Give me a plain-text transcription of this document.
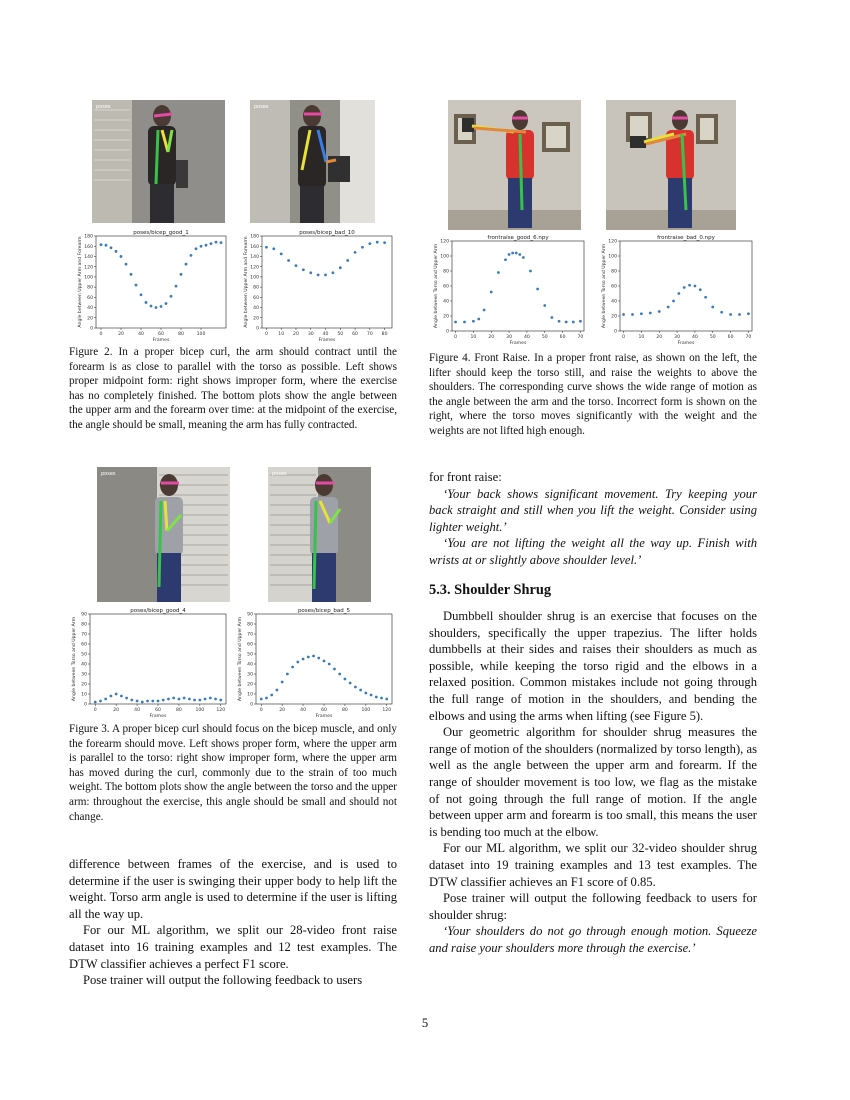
poses	poses
poses/bicep_good_1
0	20	40	60	80	100
0
20
40
60
80
100
120
140
160
180
Frames
Angle between Upper Arm and Forearm
poses/bicep_bad_10
0 10 20 30 40 50 60 70 80
0
20
40
60
80
100
120
140
160
180
Frames
Angle between Upper Arm and Forearm

Figure 2. In a proper bicep curl, the arm should contract until the forearm is as close to parallel with the torso as possible. Left shows proper midpoint form: right shows improper form, where the exercise has no completely finished. The bottom plots show the angle between the upper arm and the forearm over time: at the midpoint of the exercise, the angle should be small, meaning the arm has fully contracted.

poses	poses
poses/bicep_good_4
0	20	40	60	80	100	120
0
10
20
30
40
50
60
70
80
90
Frames
Angle between Torso and Upper Arm
poses/bicep_bad_5
0	20	40	60	80	100	120
0
10
20
30
40
50
60
70
80
90
Frames
Angle between Torso and Upper Arm

Figure 3. A proper bicep curl should focus on the bicep muscle, and only the forearm should move. Left shows proper form, where the upper arm is parallel to the torso: right show improper form, where the upper arm has moved during the curl, commonly due to the strain of too much weight. The bottom plots show the angle between the torso and the upper arm: throughout the exercise, this angle should be small and should not change.

frontraise_good_6.npy
0	10	20	30	40	50	60	70
0
20
40
60
80
100
120
Frames
Angle between Torso and Upper Arm
frontraise_bad_0.npy
0	10	20	30	40	50	60	70
0
20
40
60
80
100
120
Frames
Angle between Torso and Upper Arm

Figure 4. Front Raise. In a proper front raise, as shown on the left, the lifter should keep the torso still, and raise the weights to above the shoulders. The corresponding curve shows the wide range of motion as the angle between the arm and the torso. Incorrect form is shown on the right, where the torso moves significantly with the weight and the weights are not lifted high enough.

difference between frames of the exercise, and is used to determine if the user is swinging their upper body to help lift the weight. Torso arm angle is used to determine if the user is lifting all the way up.

For our ML algorithm, we split our 28-video front raise dataset into 16 training examples and 12 test examples. The DTW classifier achieves a perfect F1 score.

Pose trainer will output the following feedback to users

for front raise:

‘Your back shows significant movement. Try keeping your back straight and still when you lift the weight. Consider using lighter weight.’

‘You are not lifting the weight all the way up. Finish with wrists at or slightly above shoulder level.’

5.3. Shoulder Shrug

Dumbbell shoulder shrug is an exercise that focuses on the shoulders, specifically the upper trapezius. The lifter holds dumbbells at their sides and raises their shoulders as much as possible, while keeping the torso rigid and the elbows in a relaxed position. Common mistakes include not going through the full range of motion in the shoulders, and bending the elbows and using the arms when lifting (see Figure 5).

Our geometric algorithm for shoulder shrug measures the range of motion of the shoulders (normalized by torso length), as well as the angle between the upper arm and forearm. If the range of shoulder movement is too low, we flag as the mistake of not going through the full range of motion. If the angle between upper arm and forearm is too small, this means the user is bending too much at the elbow.

For our ML algorithm, we split our 32-video shoulder shrug dataset into 19 training examples and 13 test examples. The DTW classifier achieves an F1 score of 0.85.

Pose trainer will output the following feedback to users for shoulder shrug:

‘Your shoulders do not go through enough motion. Squeeze and raise your shoulders more through the exercise.’

5
